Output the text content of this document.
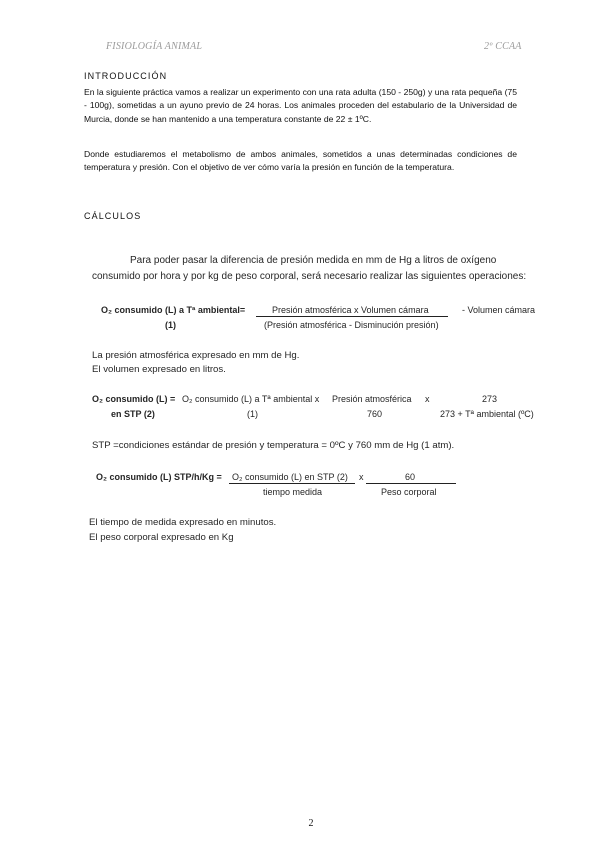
FISIOLOGÍA ANIMAL	2º CCAA
INTRODUCCIÓN
En la siguiente práctica vamos a realizar un experimento con una rata adulta (150 - 250g) y una rata pequeña (75 - 100g), sometidas a un ayuno previo de 24 horas. Los animales proceden del estabulario de la Universidad de Murcia, donde se han mantenido a una temperatura constante de 22 ± 1ºC.
Donde estudiaremos el metabolismo de ambos animales, sometidos a unas determinadas condiciones de temperatura y presión. Con el objetivo de ver cómo varía la presión en función de la temperatura.
CÁLCULOS
Para poder pasar la diferencia de presión medida en mm de Hg a litros de oxígeno
consumido por hora y por kg de peso corporal, será necesario realizar las siguientes operaciones:
O₂ consumido (L) a Tª ambiental=
(1)
Presión atmosférica x Volumen cámara
(Presión atmosférica - Disminución presión)
- Volumen cámara
La presión atmosférica expresado en mm de Hg.
El volumen expresado en litros.
O₂ consumido (L) =
en STP (2)
O₂ consumido (L) a Tª ambiental x
(1)
Presión atmosférica
760
x	273
273 + Tª ambiental (ºC)
STP =condiciones estándar de presión y temperatura = 0ºC y 760 mm de Hg (1 atm).
O₂ consumido (L) STP/h/Kg = O₂ consumido (L) en STP (2)
tiempo medida
x	60
Peso corporal
El tiempo de medida expresado en minutos.
El peso corporal expresado en Kg
2
